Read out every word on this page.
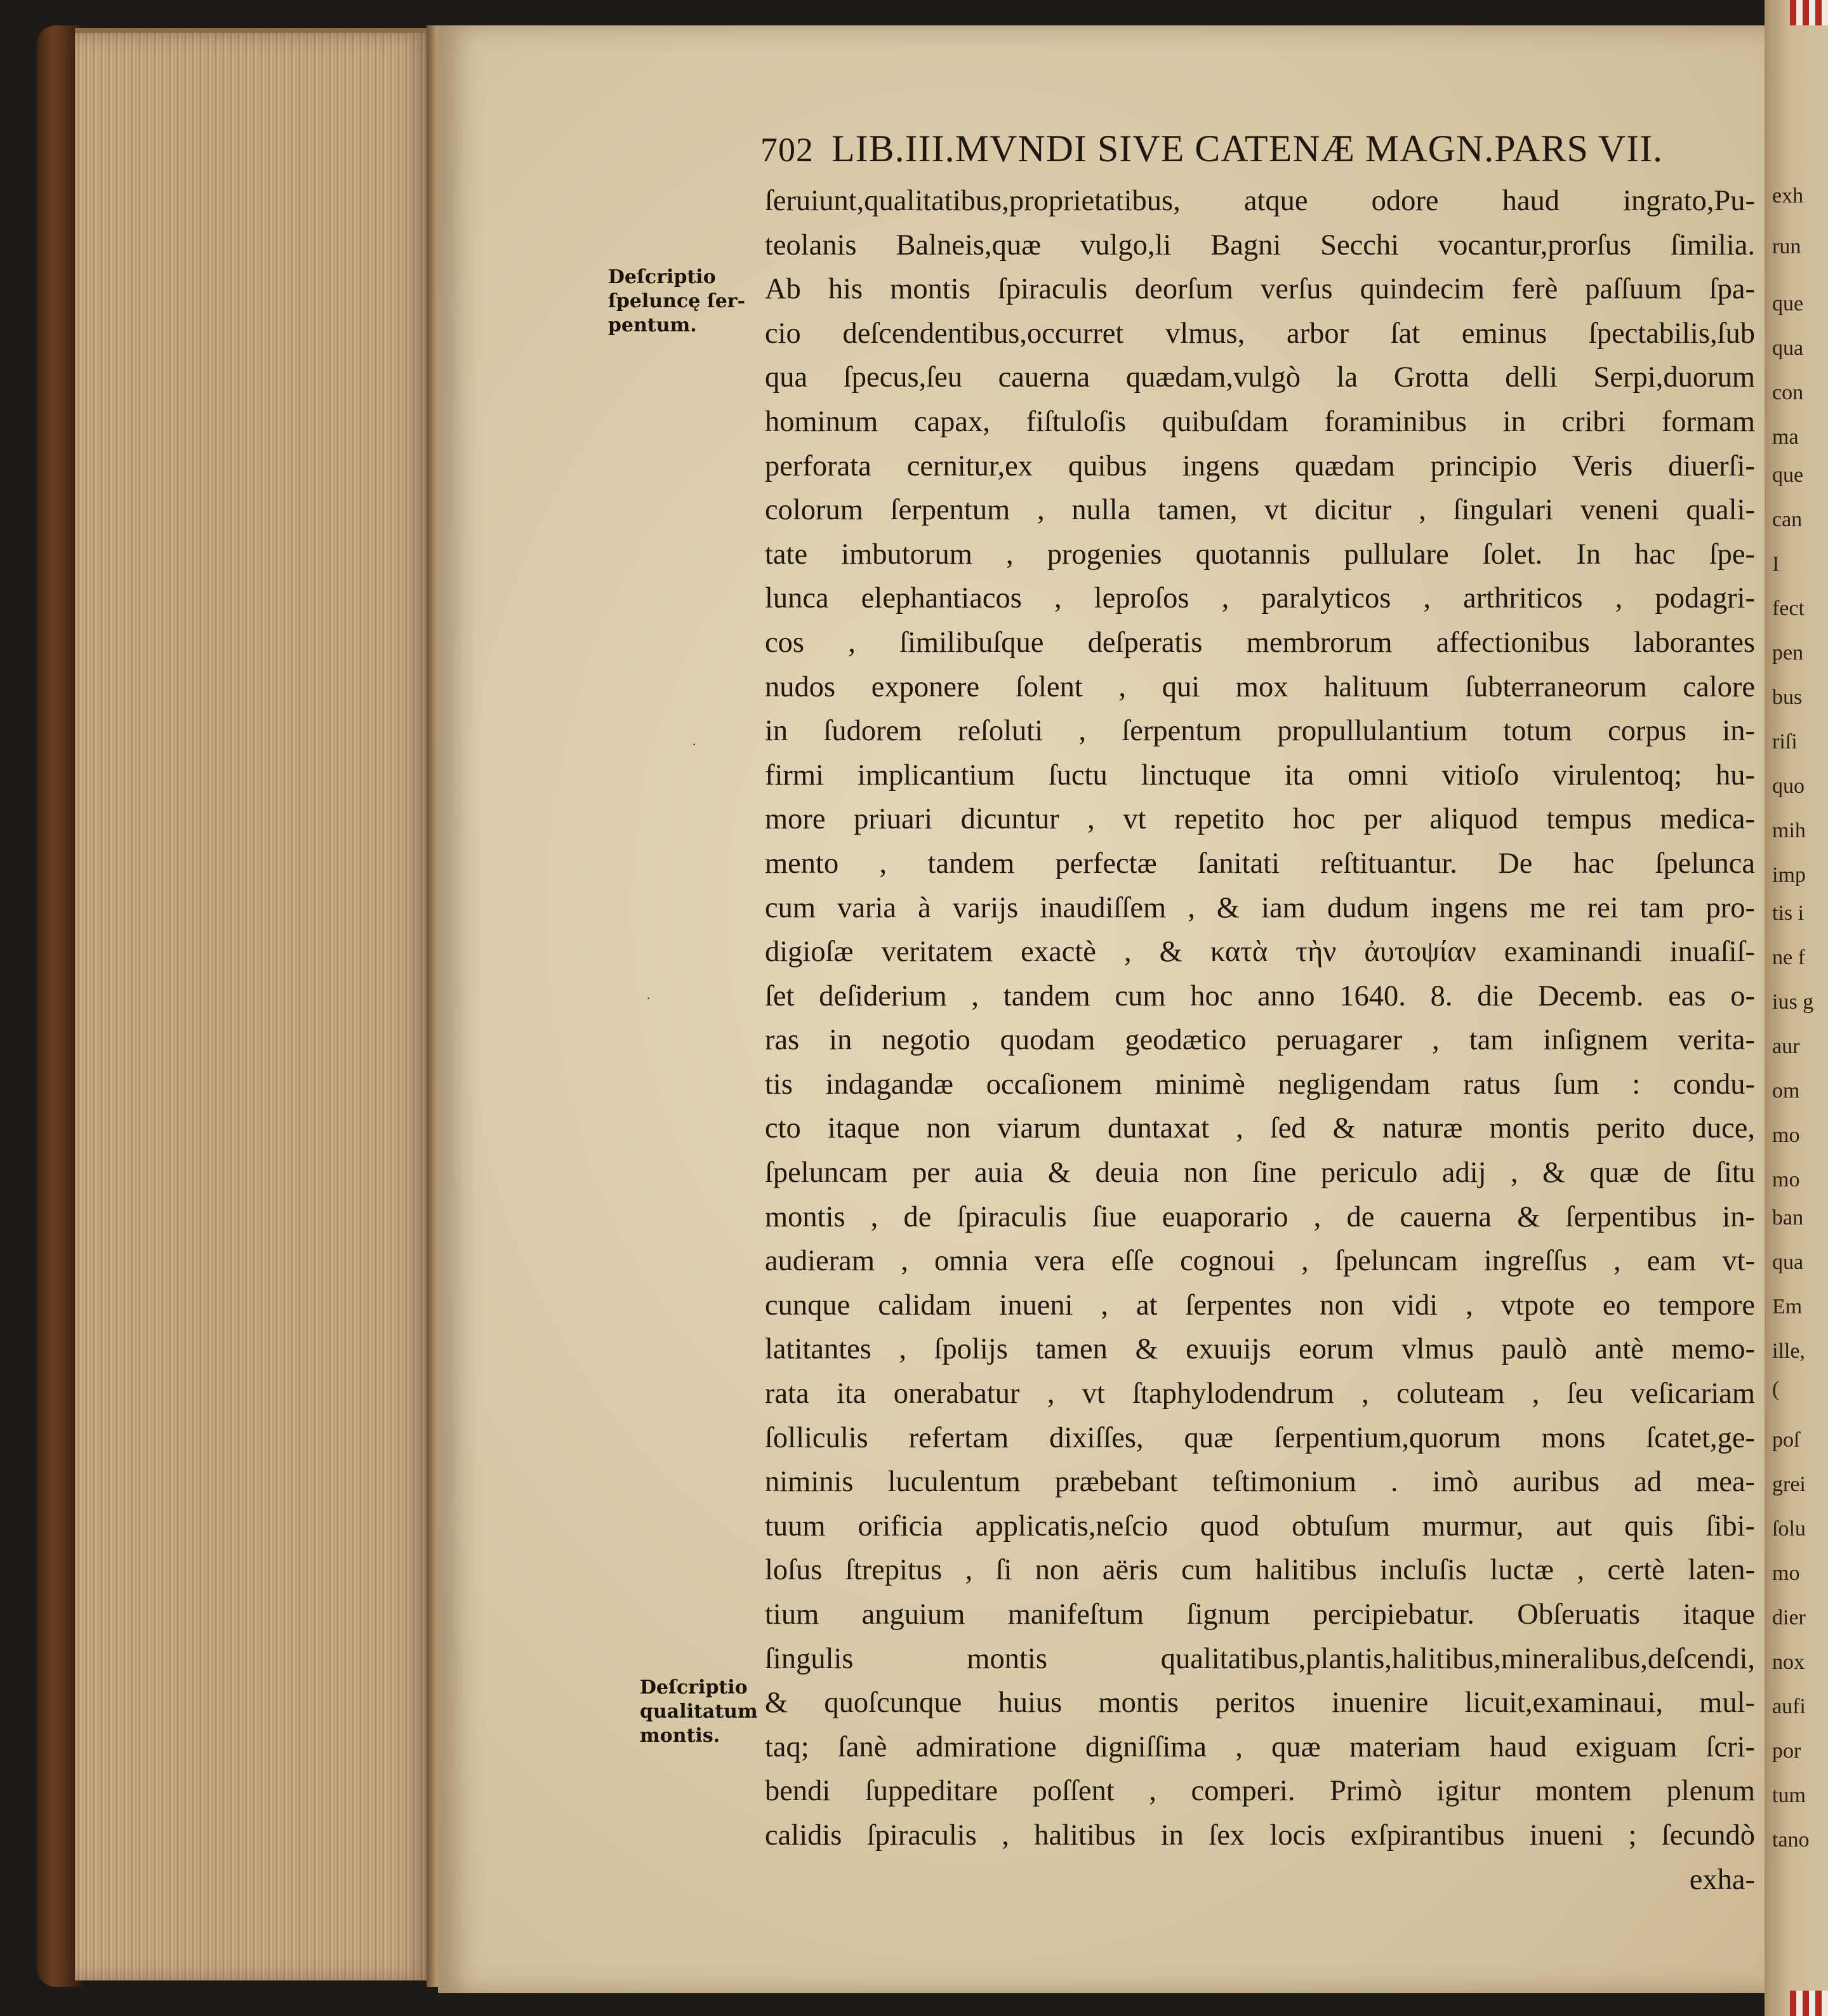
exh
run
que
qua
con
ma
que
can
I
fect
pen
bus
riſi
quo
mih
imp
tis i
ne f
ius g
aur
om
mo
mo
ban
qua
Em
ille,
(
poſ
grei
ſolu
mo
dier
nox
aufi
por
tum
tano
702 LIB.III.MVNDI SIVE CATENÆ MAGN.PARS VII.
Deſcriptio
ſpeluncę ſer-
pentum.
Deſcriptio
qualitatum
montis.
ſeruiunt,qualitatibus,proprietatibus, atque odore haud ingrato,Pu-
teolanis Balneis,quæ vulgo,li Bagni Secchi vocantur,prorſus ſimilia.
Ab his montis ſpiraculis deorſum verſus quindecim ferè paſſuum ſpa-
cio deſcendentibus,occurret vlmus, arbor ſat eminus ſpectabilis,ſub
qua ſpecus,ſeu cauerna quædam,vulgò la Grotta delli Serpi,duorum
hominum capax, fiſtuloſis quibuſdam foraminibus in cribri formam
perforata cernitur,ex quibus ingens quædam principio Veris diuerſi-
colorum ſerpentum , nulla tamen, vt dicitur , ſingulari veneni quali-
tate imbutorum , progenies quotannis pullulare ſolet. In hac ſpe-
lunca elephantiacos , leproſos , paralyticos , arthriticos , podagri-
cos , ſimilibuſque deſperatis membrorum affectionibus laborantes
nudos exponere ſolent , qui mox halituum ſubterraneorum calore
in ſudorem reſoluti , ſerpentum propullulantium totum corpus in-
firmi implicantium ſuctu linctuque ita omni vitioſo virulentoq; hu-
more priuari dicuntur , vt repetito hoc per aliquod tempus medica-
mento , tandem perfectæ ſanitati reſtituantur. De hac ſpelunca
cum varia à varijs inaudiſſem , & iam dudum ingens me rei tam pro-
digioſæ veritatem exactè , & κατὰ τὴν ἀυτοψίαν examinandi inuaſiſ-
ſet deſiderium , tandem cum hoc anno 1640. 8. die Decemb. eas o-
ras in negotio quodam geodætico peruagarer , tam inſignem verita-
tis indagandæ occaſionem minimè negligendam ratus ſum : condu-
cto itaque non viarum duntaxat , ſed & naturæ montis perito duce,
ſpeluncam per auia & deuia non ſine periculo adij , & quæ de ſitu
montis , de ſpiraculis ſiue euaporario , de cauerna & ſerpentibus in-
audieram , omnia vera eſſe cognoui , ſpeluncam ingreſſus , eam vt-
cunque calidam inueni , at ſerpentes non vidi , vtpote eo tempore
latitantes , ſpolijs tamen & exuuijs eorum vlmus paulò antè memo-
rata ita onerabatur , vt ſtaphylodendrum , coluteam , ſeu veſicariam
ſolliculis refertam dixiſſes, quæ ſerpentium,quorum mons ſcatet,ge-
niminis luculentum præbebant teſtimonium . imò auribus ad mea-
tuum orificia applicatis,neſcio quod obtuſum murmur, aut quis ſibi-
loſus ſtrepitus , ſi non aëris cum halitibus incluſis luctæ , certè laten-
tium anguium manifeſtum ſignum percipiebatur. Obſeruatis itaque
ſingulis montis qualitatibus,plantis,halitibus,mineralibus,deſcendi,
& quoſcunque huius montis peritos inuenire licuit,examinaui, mul-
taq; ſanè admiratione digniſſima , quæ materiam haud exiguam ſcri-
bendi ſuppeditare poſſent , comperi. Primò igitur montem plenum
calidis ſpiraculis , halitibus in ſex locis exſpirantibus inueni ; ſecundò
exha-
·
·
